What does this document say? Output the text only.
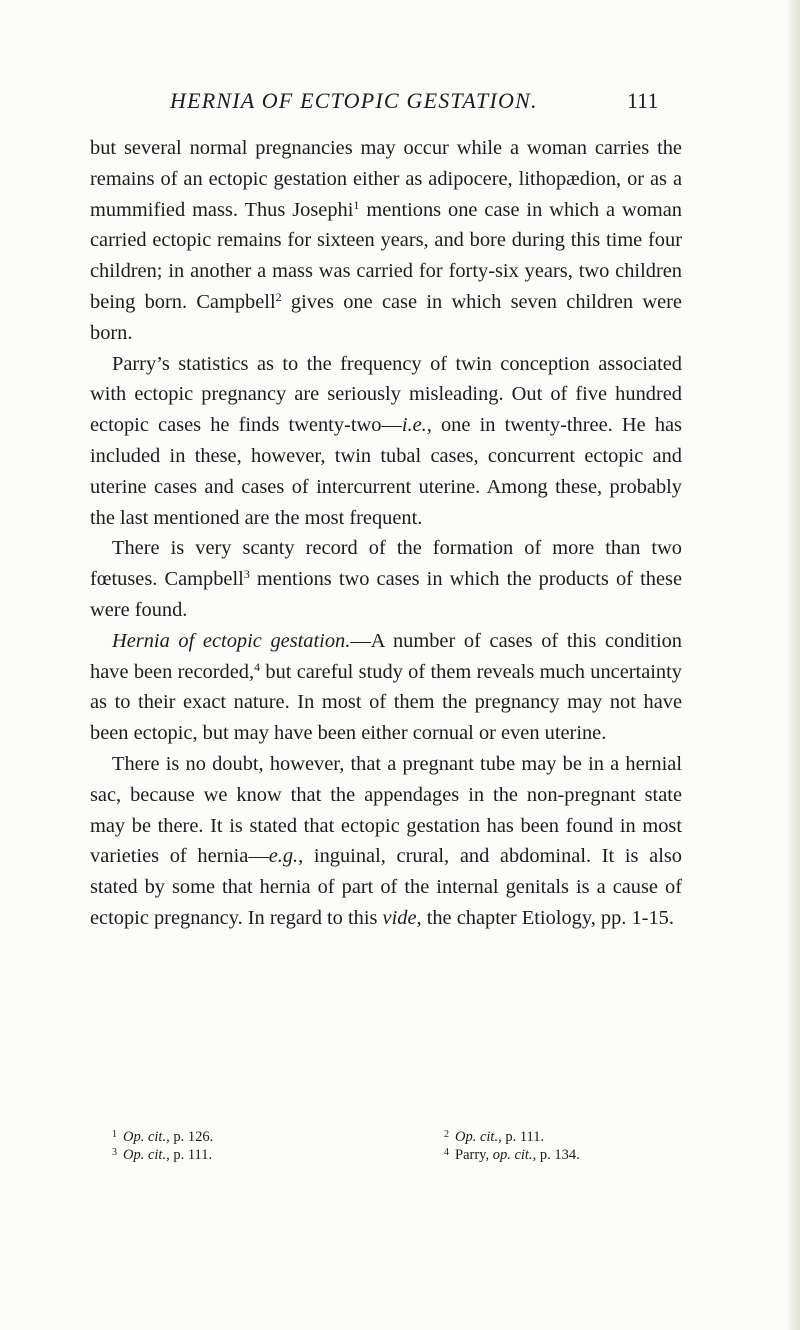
HERNIA OF ECTOPIC GESTATION.	111

but several normal pregnancies may occur while a woman carries the remains of an ectopic gestation either as adipocere, lithopædion, or as a mummified mass. Thus Josephi$^1$ mentions one case in which a woman carried ectopic remains for sixteen years, and bore during this time four children; in another a mass was carried for forty-six years, two children being born. Campbell$^2$ gives one case in which seven children were born.

Parry’s statistics as to the frequency of twin conception associated with ectopic pregnancy are seriously misleading. Out of five hundred ectopic cases he finds twenty-two—i.e., one in twenty-three. He has included in these, however, twin tubal cases, concurrent ectopic and uterine cases and cases of intercurrent uterine. Among these, probably the last mentioned are the most frequent.

There is very scanty record of the formation of more than two fœtuses. Campbell$^3$ mentions two cases in which the products of these were found.

Hernia of ectopic gestation.—A number of cases of this condition have been recorded,$^4$ but careful study of them reveals much uncertainty as to their exact nature. In most of them the pregnancy may not have been ectopic, but may have been either cornual or even uterine.

There is no doubt, however, that a pregnant tube may be in a hernial sac, because we know that the appendages in the non-pregnant state may be there. It is stated that ectopic gestation has been found in most varieties of hernia—e.g., inguinal, crural, and abdominal. It is also stated by some that hernia of part of the internal genitals is a cause of ectopic pregnancy. In regard to this vide, the chapter Etiology, pp. 1-15.

$^1$ Op. cit., p. 126.	$^2$ Op. cit., p. 111.
$^3$ Op. cit., p. 111.	$^4$ Parry, op. cit., p. 134.
